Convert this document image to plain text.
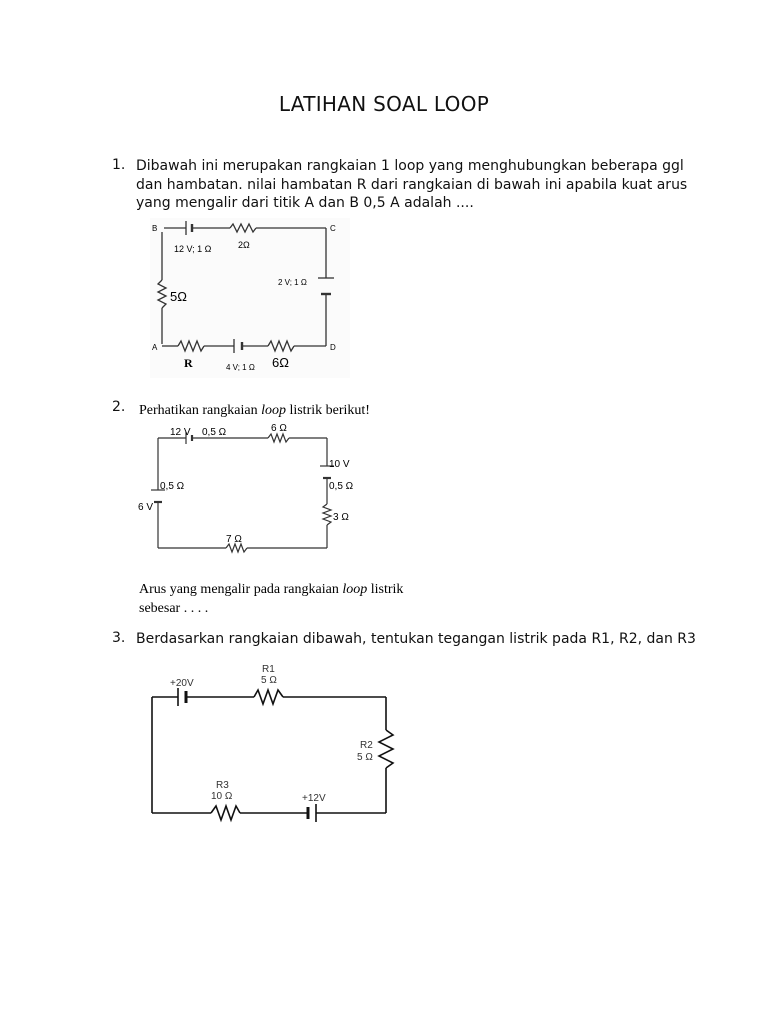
LATIHAN SOAL LOOP
1. Dibawah ini merupakan rangkaian 1 loop yang menghubungkan beberapa ggl dan hambatan. nilai hambatan R dari rangkaian di bawah ini apabila kuat arus yang mengalir dari titik A dan B 0,5 A adalah ....
B	C
A	D
12 V; 1 Ω	2Ω
2 V; 1 Ω
5Ω
R	4 V; 1 Ω 6Ω
2. Perhatikan rangkaian loop listrik berikut!
12 V 0,5 Ω	6 Ω
10 V
0,5 Ω
3 Ω
0,5 Ω
6 V
7 Ω
Arus yang mengalir pada rangkaian loop listrik
sebesar . . . .
3. Berdasarkan rangkaian dibawah, tentukan tegangan listrik pada R1, R2, dan R3
+20V
R1
5 Ω
R2
5 Ω
R3
10 Ω	+12V
